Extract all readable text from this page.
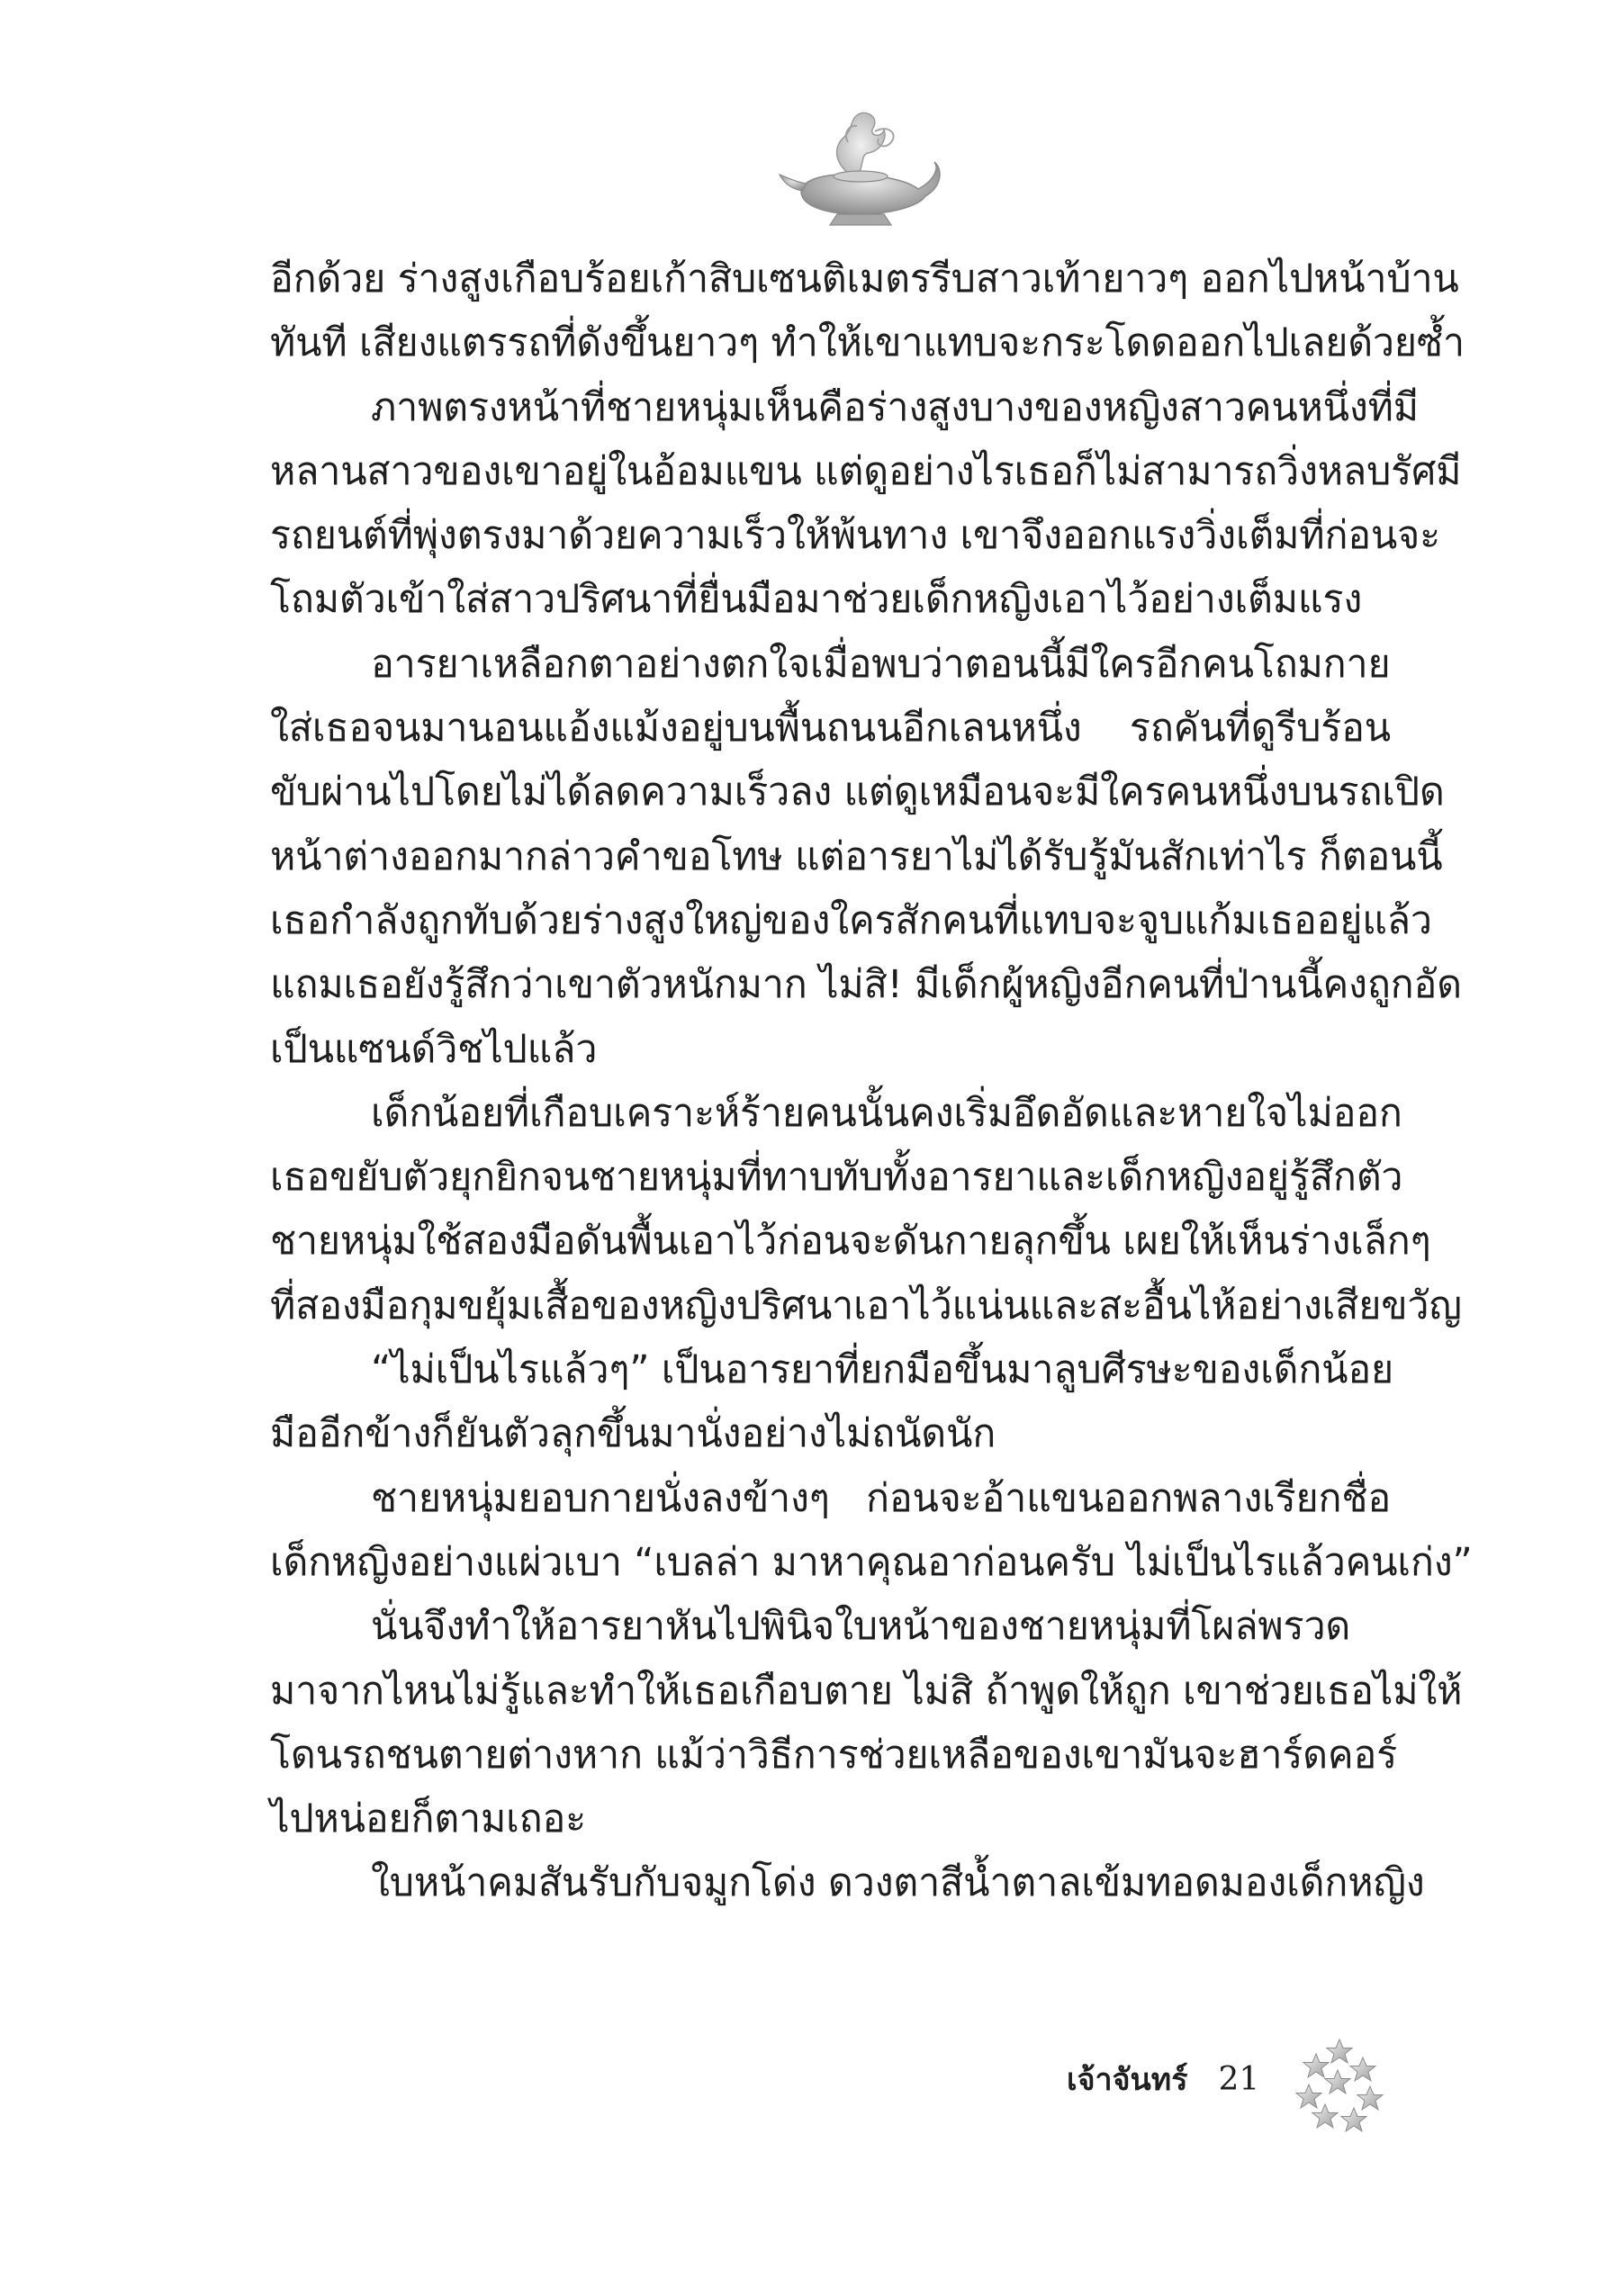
อีกด้วย ร่างสูงเกือบร้อยเก้าสิบเซนติเมตรรีบสาวเท้ายาวๆ ออกไปหน้าบ้าน
ทันที เสียงแตรรถที่ดังขึ้นยาวๆ ทำให้เขาแทบจะกระโดดออกไปเลยด้วยซ้ำ
ภาพตรงหน้าที่ชายหนุ่มเห็นคือร่างสูงบางของหญิงสาวคนหนึ่งที่มี
หลานสาวของเขาอยู่ในอ้อมแขน แต่ดูอย่างไรเธอก็ไม่สามารถวิ่งหลบรัศมี
รถยนต์ที่พุ่งตรงมาด้วยความเร็วให้พ้นทาง เขาจึงออกแรงวิ่งเต็มที่ก่อนจะ
โถมตัวเข้าใส่สาวปริศนาที่ยื่นมือมาช่วยเด็กหญิงเอาไว้อย่างเต็มแรง
อารยาเหลือกตาอย่างตกใจเมื่อพบว่าตอนนี้มีใครอีกคนโถมกาย
ใส่เธอจนมานอนแอ้งแม้งอยู่บนพื้นถนนอีกเลนหนึ่ง รถคันที่ดูรีบร้อน
ขับผ่านไปโดยไม่ได้ลดความเร็วลง แต่ดูเหมือนจะมีใครคนหนึ่งบนรถเปิด
หน้าต่างออกมากล่าวคำขอโทษ แต่อารยาไม่ได้รับรู้มันสักเท่าไร ก็ตอนนี้
เธอกำลังถูกทับด้วยร่างสูงใหญ่ของใครสักคนที่แทบจะจูบแก้มเธออยู่แล้ว
แถมเธอยังรู้สึกว่าเขาตัวหนักมาก ไม่สิ! มีเด็กผู้หญิงอีกคนที่ป่านนี้คงถูกอัด
เป็นแซนด์วิชไปแล้ว
เด็กน้อยที่เกือบเคราะห์ร้ายคนนั้นคงเริ่มอึดอัดและหายใจไม่ออก
เธอขยับตัวยุกยิกจนชายหนุ่มที่ทาบทับทั้งอารยาและเด็กหญิงอยู่รู้สึกตัว
ชายหนุ่มใช้สองมือดันพื้นเอาไว้ก่อนจะดันกายลุกขึ้น เผยให้เห็นร่างเล็กๆ
ที่สองมือกุมขยุ้มเสื้อของหญิงปริศนาเอาไว้แน่นและสะอื้นไห้อย่างเสียขวัญ
“ไม่เป็นไรแล้วๆ” เป็นอารยาที่ยกมือขึ้นมาลูบศีรษะของเด็กน้อย
มืออีกข้างก็ยันตัวลุกขึ้นมานั่งอย่างไม่ถนัดนัก
ชายหนุ่มยอบกายนั่งลงข้างๆ ก่อนจะอ้าแขนออกพลางเรียกชื่อ
เด็กหญิงอย่างแผ่วเบา “เบลล่า มาหาคุณอาก่อนครับ ไม่เป็นไรแล้วคนเก่ง”
นั่นจึงทำให้อารยาหันไปพินิจใบหน้าของชายหนุ่มที่โผล่พรวด
มาจากไหนไม่รู้และทำให้เธอเกือบตาย ไม่สิ ถ้าพูดให้ถูก เขาช่วยเธอไม่ให้
โดนรถชนตายต่างหาก แม้ว่าวิธีการช่วยเหลือของเขามันจะฮาร์ดคอร์
ไปหน่อยก็ตามเถอะ
ใบหน้าคมสันรับกับจมูกโด่ง ดวงตาสีน้ำตาลเข้มทอดมองเด็กหญิง
เจ้าจันทร์ 21
